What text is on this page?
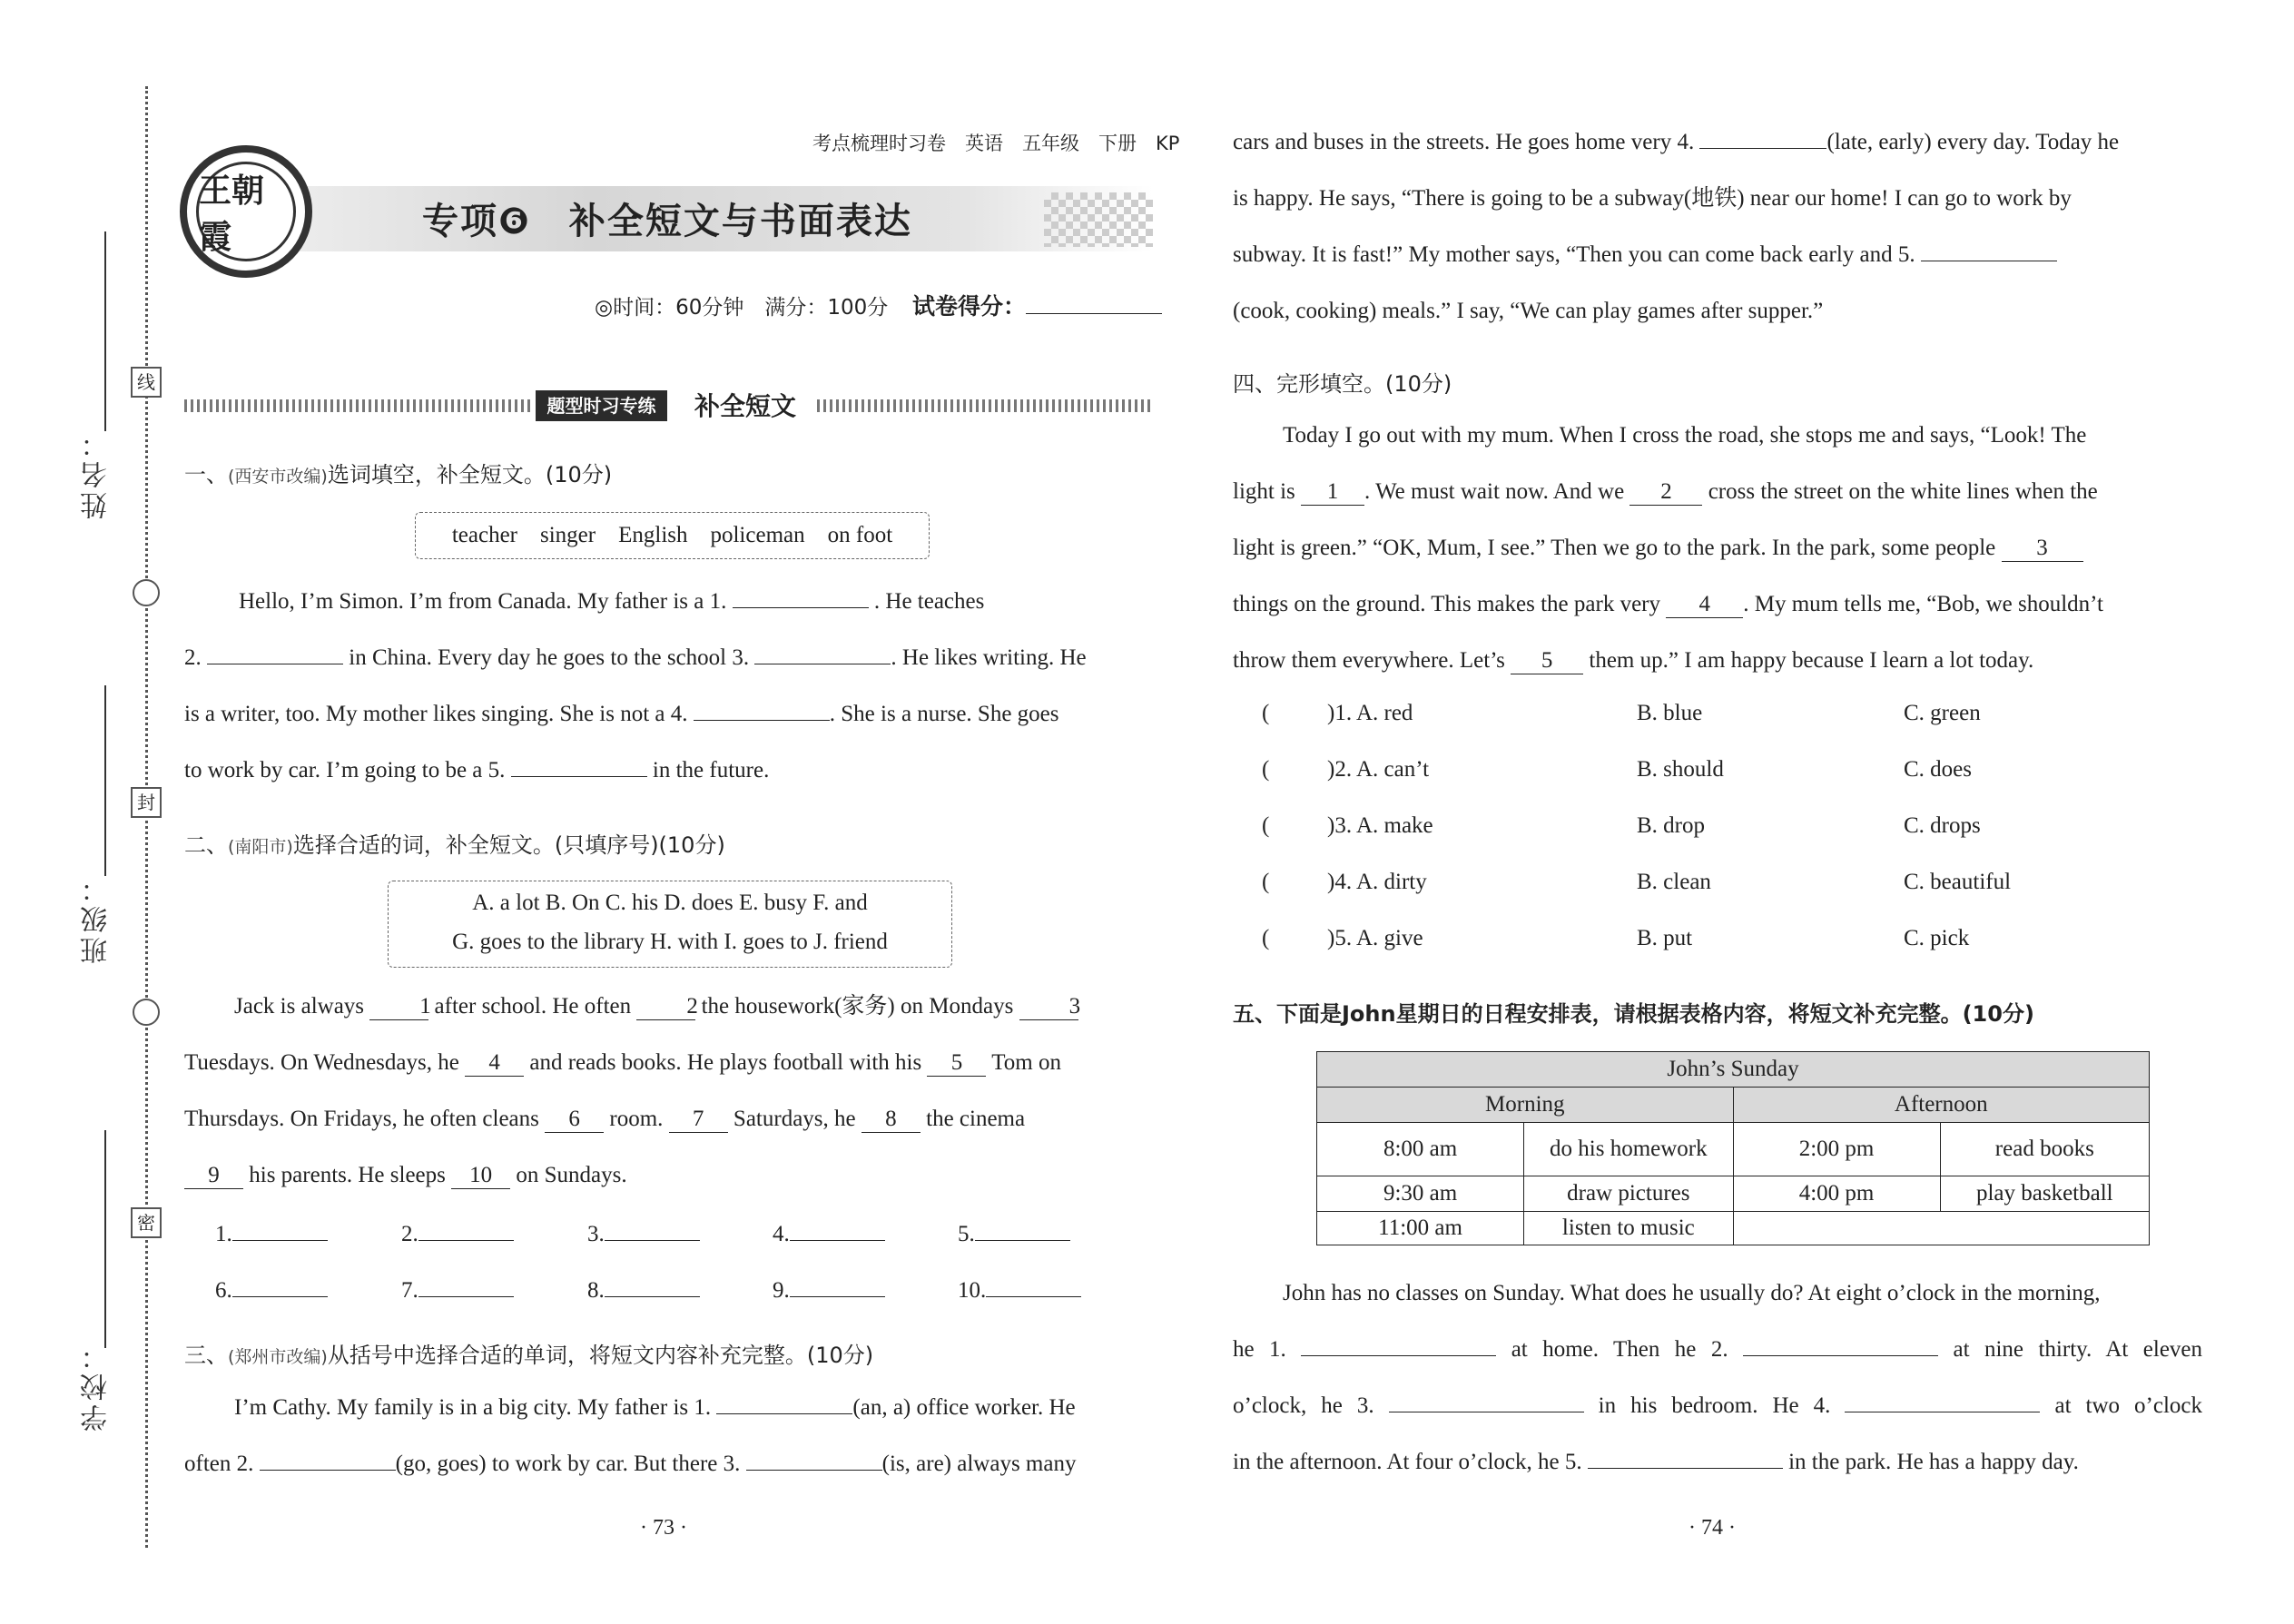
姓名：
班级：
学校：
线
封
密
王朝霞
考点梳理时习卷　英语　五年级　下册　KP
专项❻　补全短文与书面表达
◎时间：60分钟　满分：100分 试卷得分：
题型时习专练	补全短文
一、(西安市改编)选词填空，补全短文。(10分)
teacher    singer    English    policeman    on foot
Hello, I’m Simon. I’m from Canada. My father is a 1.	. He teaches
2.	in China. Every day he goes to the school 3.	. He likes writing. He
is a writer, too. My mother likes singing. She is not a 4.	. She is a nurse. She goes
to work by car. I’m going to be a 5.	in the future.
二、(南阳市)选择合适的词，补全短文。(只填序号)(10分)
A. a lot B. On C. his D. does E. busy F. and
G. goes to the library H. with I. goes to J. friend
Jack is always 1 after school. He often 2 the housework(家务) on Mondays 3
Tuesdays. On Wednesdays, he 4 and reads books. He plays football with his 5 Tom on
Thursdays. On Fridays, he often cleans 6 room. 7 Saturdays, he 8 the cinema
9 his parents. He sleeps 10 on Sundays.
1.	2.	3.	4.	5.
6.	7.	8.	9.	10.
三、(郑州市改编)从括号中选择合适的单词，将短文内容补充完整。(10分)
I’m Cathy. My family is in a big city. My father is 1.	(an, a) office worker. He
often 2.	(go, goes) to work by car. But there 3.	(is, are) always many
· 73 ·
cars and buses in the streets. He goes home very 4.	(late, early) every day. Today he
is happy. He says, “There is going to be a subway(地铁) near our home! I can go to work by
subway. It is fast!” My mother says, “Then you can come back early and 5.
(cook, cooking) meals.” I say, “We can play games after supper.”
四、完形填空。(10分)
Today I go out with my mum. When I cross the road, she stops me and says, “Look! The
light is 1 . We must wait now. And we 2 cross the street on the white lines when the
light is green.” “OK, Mum, I see.” Then we go to the park. In the park, some people 3
things on the ground. This makes the park very 4 . My mum tells me, “Bob, we shouldn’t
throw them everywhere. Let’s 5 them up.” I am happy because I learn a lot today.
(	)1. A. red	B. blue	C. green
(	)2. A. can’t	B. should	C. does
(	)3. A. make	B. drop	C. drops
(	)4. A. dirty	B. clean	C. beautiful
(	)5. A. give	B. put	C. pick
五、下面是John星期日的日程安排表，请根据表格内容，将短文补充完整。(10分)
John’s Sunday			
Morning		Afternoon	
8:00 am	do his homework	2:00 pm	read books
9:30 am	draw pictures	4:00 pm	play basketball
11:00 am	listen to music		
John has no classes on Sunday. What does he usually do? At eight o’clock in the morning,
he 1.	at home. Then he 2.	at nine thirty. At eleven
o’clock, he 3.	in his bedroom. He 4.	at two o’clock
in the afternoon. At four o’clock, he 5.	in the park. He has a happy day.
· 74 ·
